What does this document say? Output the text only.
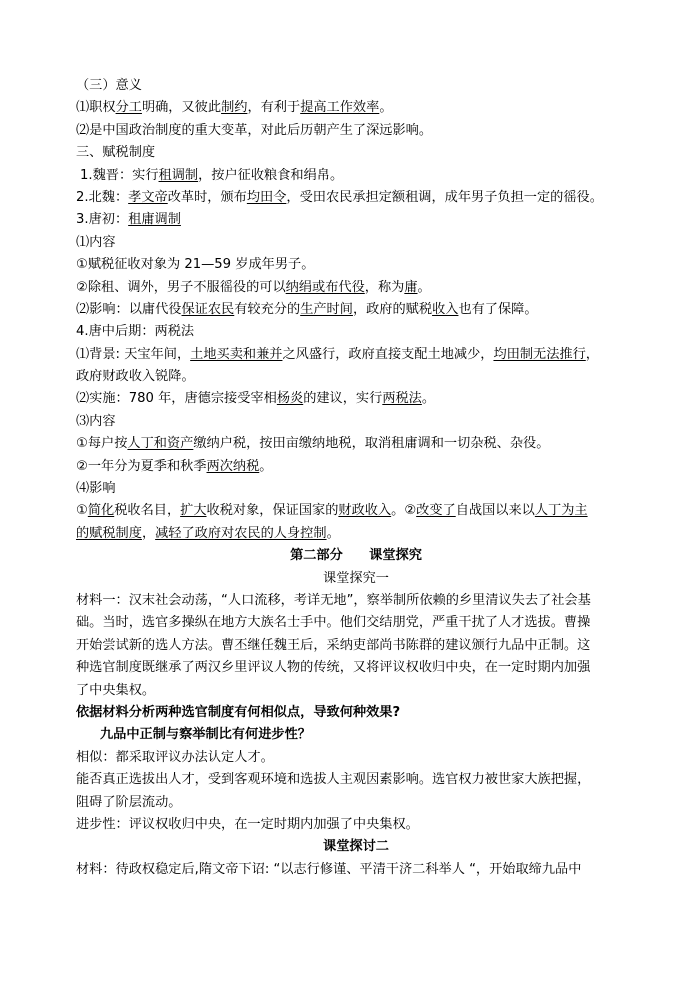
（三）意义
⑴职权分工明确，又彼此制约，有利于提高工作效率。
⑵是中国政治制度的重大变革，对此后历朝产生了深远影响。
三、赋税制度
1.魏晋：实行租调制，按户征收粮食和绢帛。
2.北魏：孝文帝改革时，颁布均田令，受田农民承担定额租调，成年男子负担一定的徭役。
3.唐初：租庸调制
⑴内容
①赋税征收对象为 21—59 岁成年男子。
②除租、调外，男子不服徭役的可以纳绢或布代役，称为庸。
⑵影响：以庸代役保证农民有较充分的生产时间，政府的赋税收入也有了保障。
4.唐中后期：两税法
⑴背景: 天宝年间，土地买卖和兼并之风盛行，政府直接支配土地减少，均田制无法推行，
政府财政收入锐降。
⑵实施：780 年，唐德宗接受宰相杨炎的建议，实行两税法。
⑶内容
①每户按人丁和资产缴纳户税，按田亩缴纳地税，取消租庸调和一切杂税、杂役。
②一年分为夏季和秋季两次纳税。
⑷影响
①简化税收名目，扩大收税对象，保证国家的财政收入。②改变了自战国以来以人丁为主
的赋税制度，减轻了政府对农民的人身控制。
第二部分　　课堂探究
课堂探究一
材料一：汉末社会动荡，“人口流移，考详无地”，察举制所依赖的乡里清议失去了社会基
础。当时，选官多操纵在地方大族名士手中。他们交结朋党，严重干扰了人才选拔。曹操
开始尝试新的选人方法。曹丕继任魏王后，采纳吏部尚书陈群的建议颁行九品中正制。这
种选官制度既继承了两汉乡里评议人物的传统，又将评议权收归中央，在一定时期内加强
了中央集权。
依据材料分析两种选官制度有何相似点，导致何种效果?
九品中正制与察举制比有何进步性？
相似：都采取评议办法认定人才。
能否真正选拔出人才，受到客观环境和选拔人主观因素影响。选官权力被世家大族把握，
阻碍了阶层流动。
进步性：评议权收归中央，在一定时期内加强了中央集权。
课堂探讨二
材料：待政权稳定后,隋文帝下诏: “以志行修谨、平清干济二科举人 “，开始取缔九品中
